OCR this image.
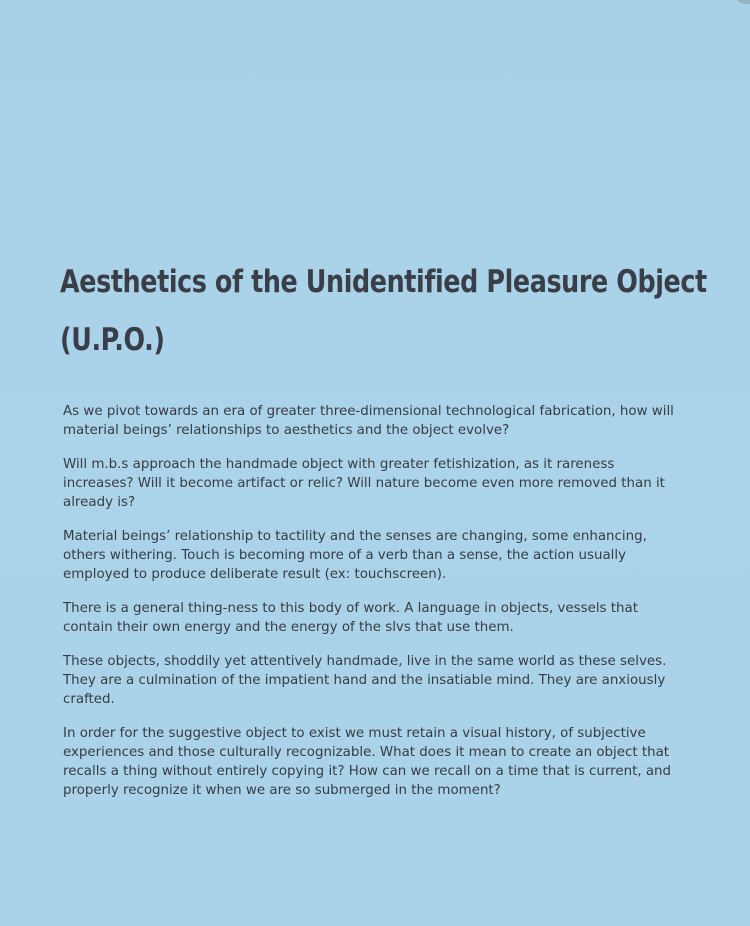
Aesthetics of the Unidentified Pleasure Object
(U.P.O.)

As we pivot towards an era of greater three-dimensional technological fabrication, how will material beings’ relationships to aesthetics and the object evolve?

Will m.b.s approach the handmade object with greater fetishization, as it rareness increases? Will it become artifact or relic? Will nature become even more removed than it already is?

Material beings’ relationship to tactility and the senses are changing, some enhancing, others withering. Touch is becoming more of a verb than a sense, the action usually employed to produce deliberate result (ex: touchscreen).

There is a general thing-ness to this body of work. A language in objects, vessels that contain their own energy and the energy of the slvs that use them.

These objects, shoddily yet attentively handmade, live in the same world as these selves. They are a culmination of the impatient hand and the insatiable mind. They are anxiously crafted.

In order for the suggestive object to exist we must retain a visual history, of subjective experiences and those culturally recognizable. What does it mean to create an object that recalls a thing without entirely copying it? How can we recall on a time that is current, and properly recognize it when we are so submerged in the moment?
